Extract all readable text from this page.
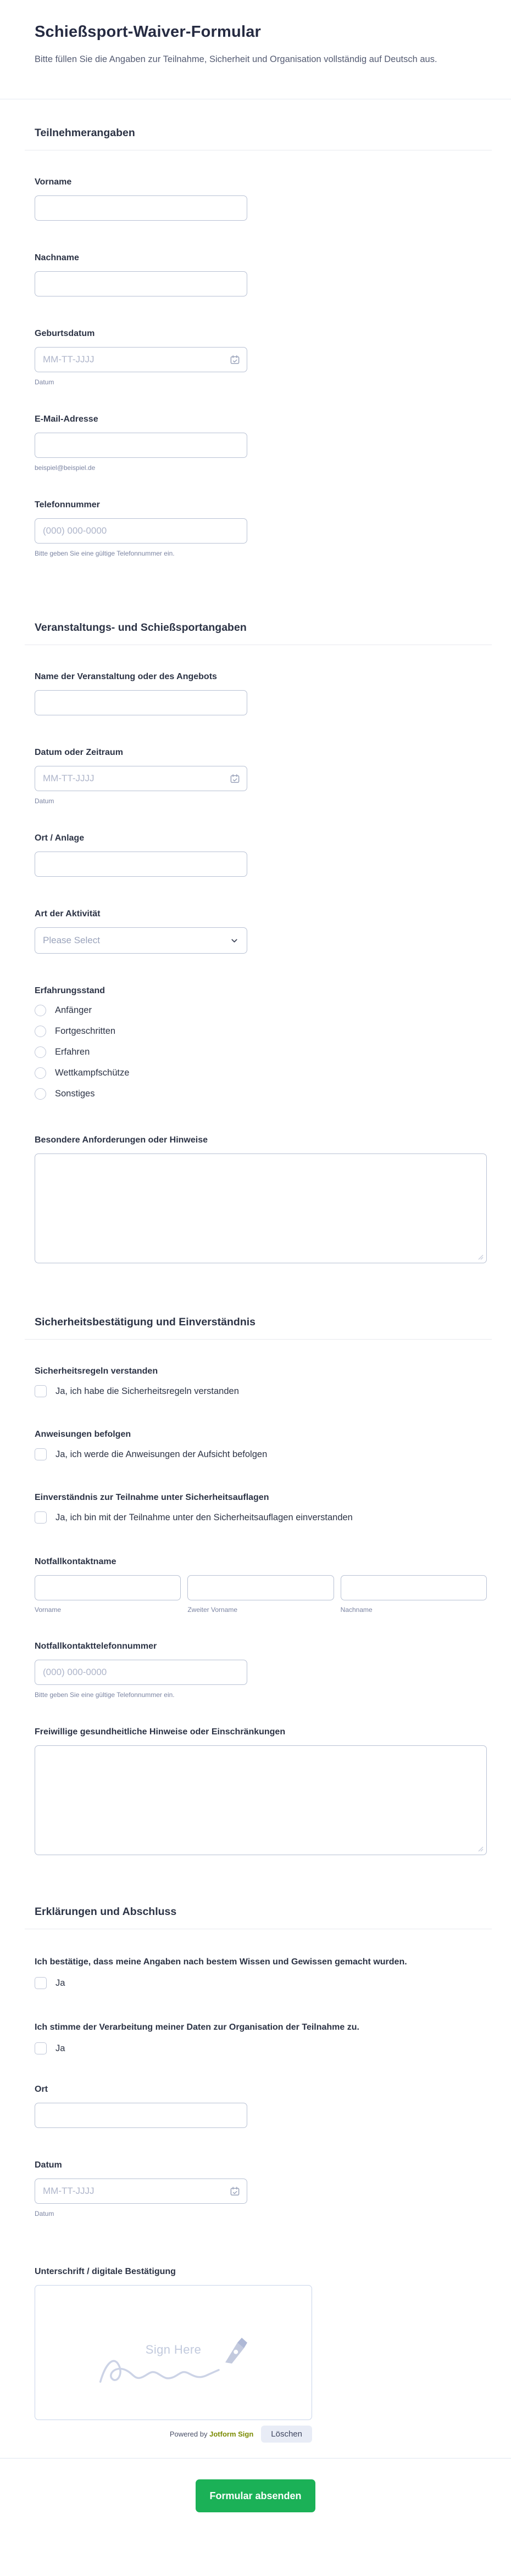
Schießsport-Waiver-Formular
Bitte füllen Sie die Angaben zur Teilnahme, Sicherheit und Organisation vollständig auf Deutsch aus.
Teilnehmerangaben
Vorname
Nachname
Geburtsdatum
MM-TT-JJJJ
Datum
E-Mail-Adresse
beispiel@beispiel.de
Telefonnummer
(000) 000-0000
Bitte geben Sie eine gültige Telefonnummer ein.
Veranstaltungs- und Schießsportangaben
Name der Veranstaltung oder des Angebots
Datum oder Zeitraum
MM-TT-JJJJ
Datum
Ort / Anlage
Art der Aktivität
Please Select
Erfahrungsstand
Anfänger
Fortgeschritten
Erfahren
Wettkampfschütze
Sonstiges
Besondere Anforderungen oder Hinweise
Sicherheitsbestätigung und Einverständnis
Sicherheitsregeln verstanden
Ja, ich habe die Sicherheitsregeln verstanden
Anweisungen befolgen
Ja, ich werde die Anweisungen der Aufsicht befolgen
Einverständnis zur Teilnahme unter Sicherheitsauflagen
Ja, ich bin mit der Teilnahme unter den Sicherheitsauflagen einverstanden
Notfallkontaktname
Vorname	Zweiter Vorname	Nachname
Notfallkontakttelefonnummer
(000) 000-0000
Bitte geben Sie eine gültige Telefonnummer ein.
Freiwillige gesundheitliche Hinweise oder Einschränkungen
Erklärungen und Abschluss
Ich bestätige, dass meine Angaben nach bestem Wissen und Gewissen gemacht wurden.
Ja
Ich stimme der Verarbeitung meiner Daten zur Organisation der Teilnahme zu.
Ja
Ort
Datum
MM-TT-JJJJ
Datum
Unterschrift / digitale Bestätigung
Sign Here
Powered by Jotform Sign	Löschen
Formular absenden
